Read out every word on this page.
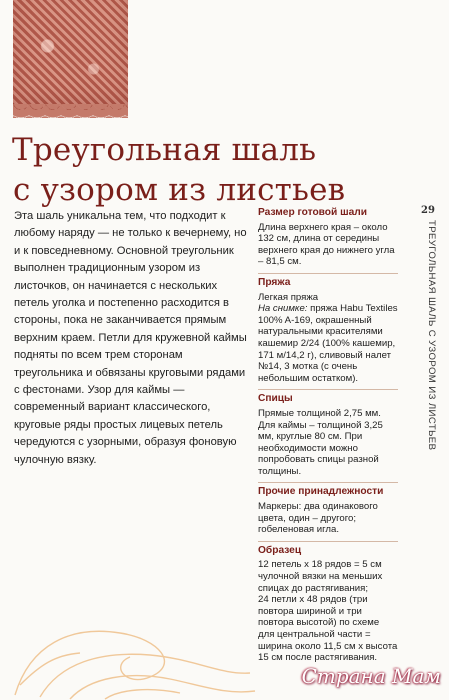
Треугольная шаль
с узором из листьев
Эта шаль уникальна тем, что подходит к любому наряду — не только к вечернему, но и к повседневному. Основной треугольник выполнен традиционным узором из листочков, он начинается с нескольких петель уголка и постепенно расходится в стороны, пока не заканчивается прямым верхним краем. Петли для кружевной каймы подняты по всем трем сторонам треугольника и обвязаны круговыми рядами с фестонами. Узор для каймы — современный вариант классического, круговые ряды простых лицевых петель чередуются с узорными, образуя фоновую чулочную вязку.
Размер готовой шали
Длина верхнего края – около 132 см, длина от середины верхнего края до нижнего угла – 81,5 см.
Пряжа
Легкая пряжа
На снимке: пряжа Habu Textiles 100% A-169, окрашенный натуральными красителями кашемир 2/24 (100% кашемир, 171 м/14,2 г), сливовый налет №14, 3 мотка (с очень небольшим остатком).
Спицы
Прямые толщиной 2,75 мм. Для каймы – толщиной 3,25 мм, круглые 80 см. При необходимости можно попробовать спицы разной толщины.
Прочие принадлежности
Маркеры: два одинакового цвета, один – другого; гобеленовая игла.
Образец
12 петель х 18 рядов = 5 см чулочной вязки на меньших спицах до растягивания;
24 петли х 48 рядов (три повтора шириной и три повтора высотой) по схеме для центральной части = ширина около 11,5 см х высота 15 см после растягивания.
29
ТРЕУГОЛЬНАЯ ШАЛЬ С УЗОРОМ ИЗ ЛИСТЬЕВ
Страна Мам
